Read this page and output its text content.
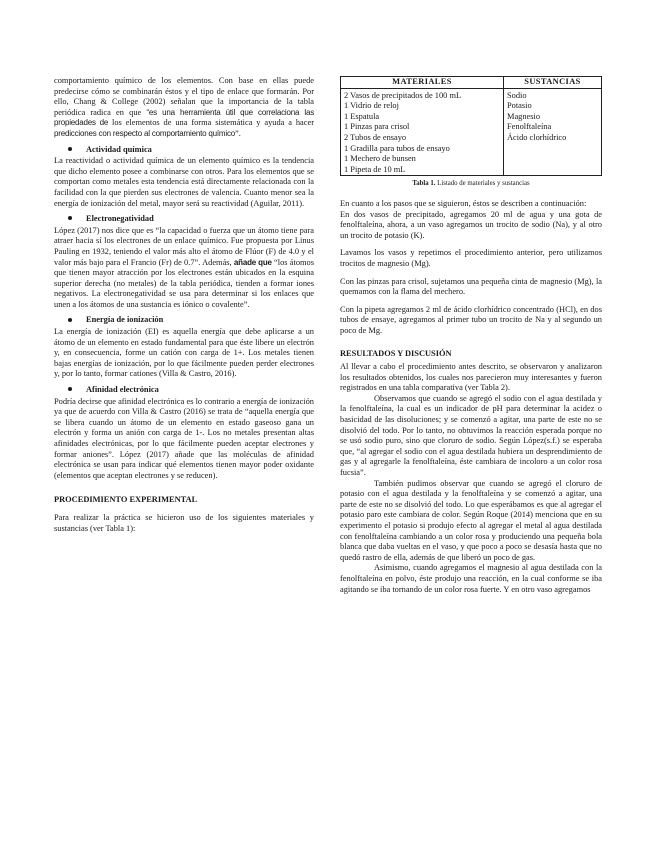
comportamiento químico de los elementos. Con base en ellas puede predecirse cómo se combinarán éstos y el tipo de enlace que formarán. Por ello, Chang & College (2002) señalan que la importancia de la tabla periódica radica en que “es una herramienta útil que correlaciona las propiedades de los elementos de una forma sistemática y ayuda a hacer predicciones con respecto al comportamiento químico”.

Actividad química

La reactividad o actividad química de un elemento químico es la tendencia que dicho elemento posee a combinarse con otros. Para los elementos que se comportan como metales esta tendencia está directamente relacionada con la facilidad con la que pierden sus electrones de valencia. Cuanto menor sea la energía de ionización del metal, mayor será su reactividad (Aguilar, 2011).

Electronegatividad

López (2017) nos dice que es “la capacidad o fuerza que un átomo tiene para atraer hacia sí los electrones de un enlace químico. Fue propuesta por Linus Pauling en 1932, teniendo el valor más alto el átomo de Flúor (F) de 4.0 y el valor más bajo para el Francio (Fr) de 0.7”. Además, añade que “los átomos que tienen mayor atracción por los electrones están ubicados en la esquina superior derecha (no metales) de la tabla periódica, tienden a formar iones negativos. La electronegatividad se usa para determinar si los enlaces que unen a los átomos de una sustancia es iónico o covalente”.

Energía de ionización

La energía de ionización (EI) es aquella energía que debe aplicarse a un átomo de un elemento en estado fundamental para que éste libere un electrón y, en consecuencia, forme un catión con carga de 1+. Los metales tienen bajas energías de ionización, por lo que fácilmente pueden perder electrones y, por lo tanto, formar cationes (Villa & Castro, 2016).

Afinidad electrónica

Podría decirse que afinidad electrónica es lo contrario a energía de ionización ya que de acuerdo con Villa & Castro (2016) se trata de “aquella energía que se libera cuando un átomo de un elemento en estado gaseoso gana un electrón y forma un anión con carga de 1-. Los no metales presentan altas afinidades electrónicas, por lo que fácilmente pueden aceptar electrones y formar aniones”. López (2017) añade que las moléculas de afinidad electrónica se usan para indicar qué elementos tienen mayor poder oxidante (elementos que aceptan electrones y se reducen).

PROCEDIMIENTO EXPERIMENTAL

Para realizar la práctica se hicieron uso de los siguientes materiales y sustancias (ver Tabla 1):

MATERIALES	SUSTANCIAS
2 Vasos de precipitados de 100 mL	Sodio
1 Vidrio de reloj	Potasio
1 Espatula	Magnesio
1 Pinzas para crisol	Fenolftaleína
2 Tubos de ensayo	Ácido clorhídrico
1 Gradilla para tubos de ensayo	
1 Mechero de bunsen	
1 Pipeta de 10 mL	
Tabla 1. Listado de materiales y sustancias

En cuanto a los pasos que se siguieron, éstos se describen a continuación:

En dos vasos de precipitado, agregamos 20 ml de agua y una gota de fenolftaleína, ahora, a un vaso agregamos un trocito de sodio (Na), y al otro un trocito de potasio (K).

Lavamos los vasos y repetimos el procedimiento anterior, pero utilizamos trocitos de magnesio (Mg).

Con las pinzas para crisol, sujetamos una pequeña cinta de magnesio (Mg), la quemamos con la flama del mechero.

Con la pipeta agregamos 2 ml de ácido clorhídrico concentrado (HCl), en dos tubos de ensaye, agregamos al primer tubo un trocito de Na y al segundo un poco de Mg.

RESULTADOS Y DISCUSIÓN

Al llevar a cabo el procedimiento antes descrito, se observaron y analizaron los resultados obtenidos, los cuales nos parecieron muy interesantes y fueron registrados en una tabla comparativa (ver Tabla 2).

Observamos que cuando se agregó el sodio con el agua destilada y la fenolftaleína, la cual es un indicador de pH para determinar la acidez o basicidad de las disoluciones; y se comenzó a agitar, una parte de este no se disolvió del todo. Por lo tanto, no obtuvimos la reacción esperada porque no se usó sodio puro, sino que cloruro de sodio. Según López(s.f.) se esperaba que, “al agregar el sodio con el agua destilada hubiera un desprendimiento de gas y al agregarle la fenolftaleína, éste cambiara de incoloro a un color rosa fucsia”.

También pudimos observar que cuando se agregó el cloruro de potasio con el agua destilada y la fenolftaleína y se comenzó a agitar, una parte de este no se disolvió del todo. Lo que esperábamos es que al agregar el potasio paro este cambiara de color. Según Roque (2014) menciona que en su experimento el potasio si produjo efecto al agregar el metal al agua destilada con fenolftaleína cambiando a un color rosa y produciendo una pequeña bola blanca que daba vueltas en el vaso, y que poco a poco se desasía hasta que no quedó rastro de ella, además de que liberó un poco de gas.

Asimismo, cuando agregamos el magnesio al agua destilada con la fenolftaleína en polvo, éste produjo una reacción, en la cual conforme se iba agitando se iba tornando de un color rosa fuerte. Y en otro vaso agregamos
